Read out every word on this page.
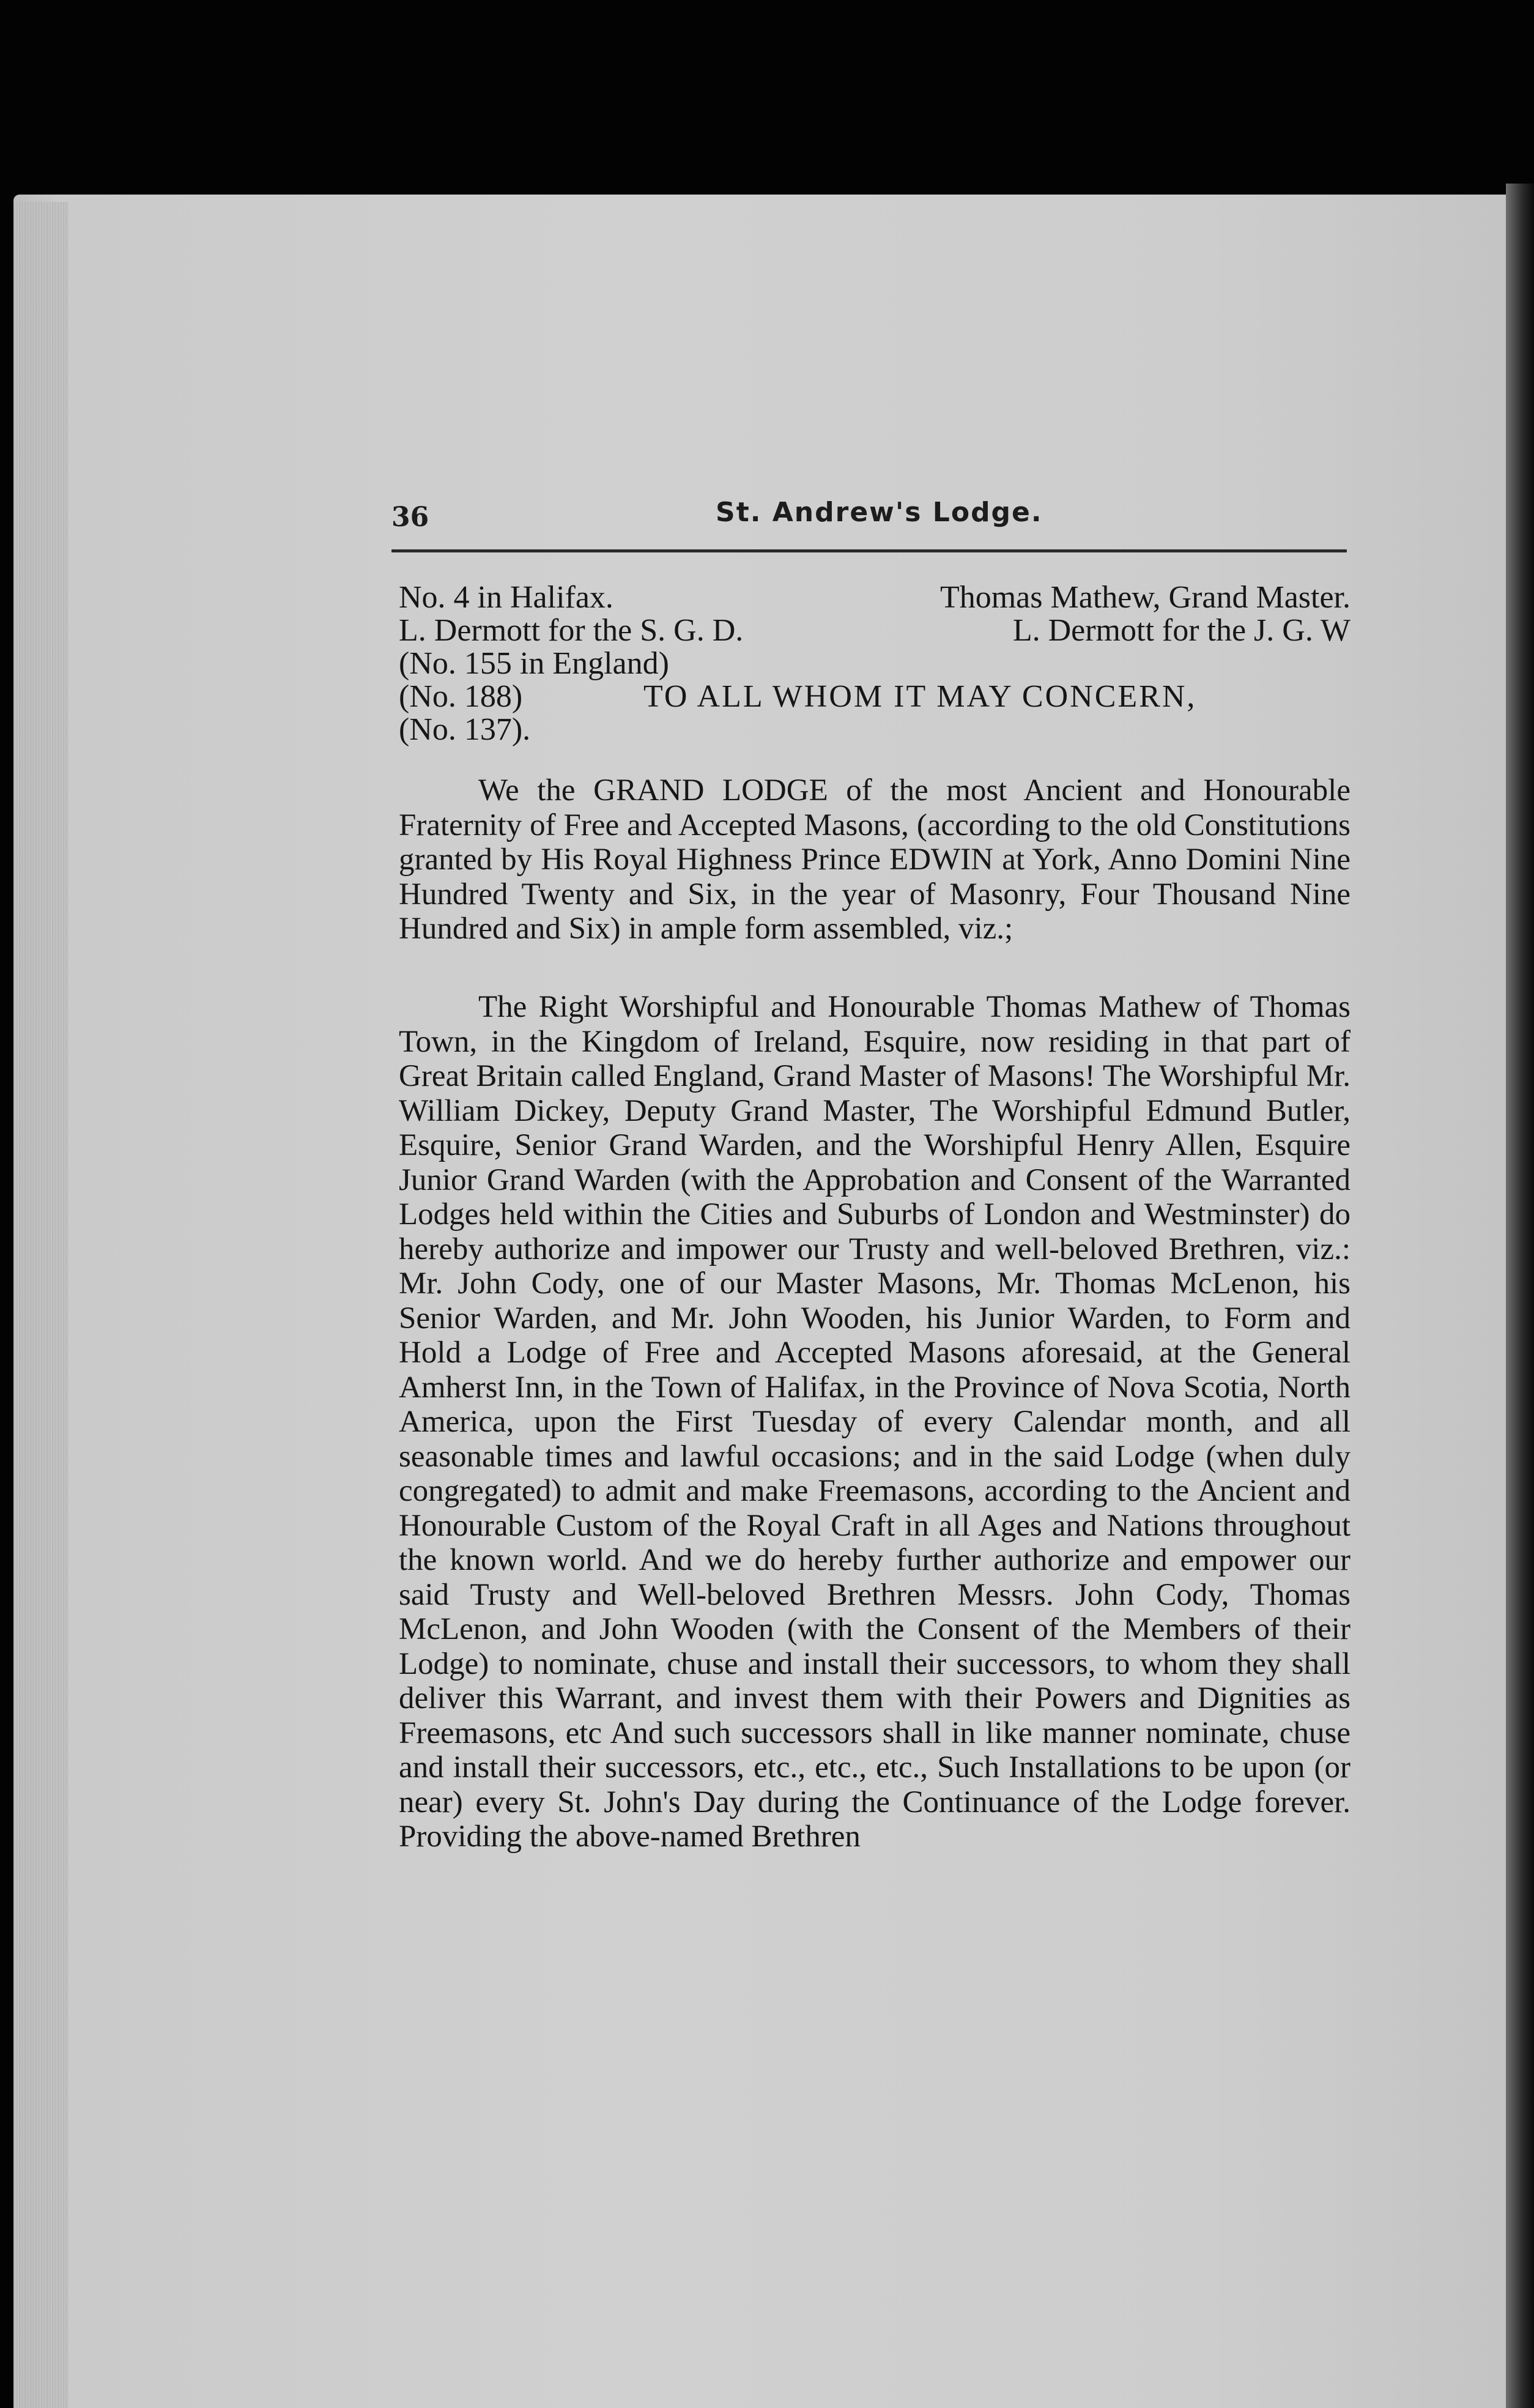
36	St. Andrew's Lodge.
No. 4 in Halifax.	Thomas Mathew, Grand Master.
L. Dermott for the S. G. D.	L. Dermott for the J. G. W
(No. 155 in England)
(No. 188)	TO ALL WHOM IT MAY CONCERN,
(No. 137).

We the GRAND LODGE of the most Ancient and Honourable Fraternity of Free and Accepted Masons, (according to the old Constitutions granted by His Royal Highness Prince EDWIN at York, Anno Domini Nine Hundred Twenty and Six, in the year of Masonry, Four Thousand Nine Hundred and Six) in ample form assembled, viz.;

The Right Worshipful and Honourable Thomas Mathew of Thomas Town, in the Kingdom of Ireland, Esquire, now residing in that part of Great Britain called England, Grand Master of Masons! The Worshipful Mr. William Dickey, Deputy Grand Master, The Worshipful Edmund Butler, Esquire, Senior Grand Warden, and the Worshipful Henry Allen, Esquire Junior Grand Warden (with the Approbation and Consent of the Warranted Lodges held within the Cities and Suburbs of London and Westminster) do hereby authorize and impower our Trusty and well-beloved Brethren, viz.: Mr. John Cody, one of our Master Masons, Mr. Thomas McLenon, his Senior Warden, and Mr. John Wooden, his Junior Warden, to Form and Hold a Lodge of Free and Accepted Masons aforesaid, at the General Amherst Inn, in the Town of Halifax, in the Province of Nova Scotia, North America, upon the First Tuesday of every Calendar month, and all seasonable times and lawful occasions; and in the said Lodge (when duly congregated) to admit and make Freemasons, according to the Ancient and Honourable Custom of the Royal Craft in all Ages and Nations throughout the known world. And we do hereby further authorize and empower our said Trusty and Well-beloved Brethren Messrs. John Cody, Thomas McLenon, and John Wooden (with the Consent of the Members of their Lodge) to nominate, chuse and install their successors, to whom they shall deliver this Warrant, and invest them with their Powers and Dignities as Freemasons, etc And such successors shall in like manner nominate, chuse and install their successors, etc., etc., etc., Such Installations to be upon (or near) every St. John's Day during the Continuance of the Lodge forever. Providing the above-named Brethren
